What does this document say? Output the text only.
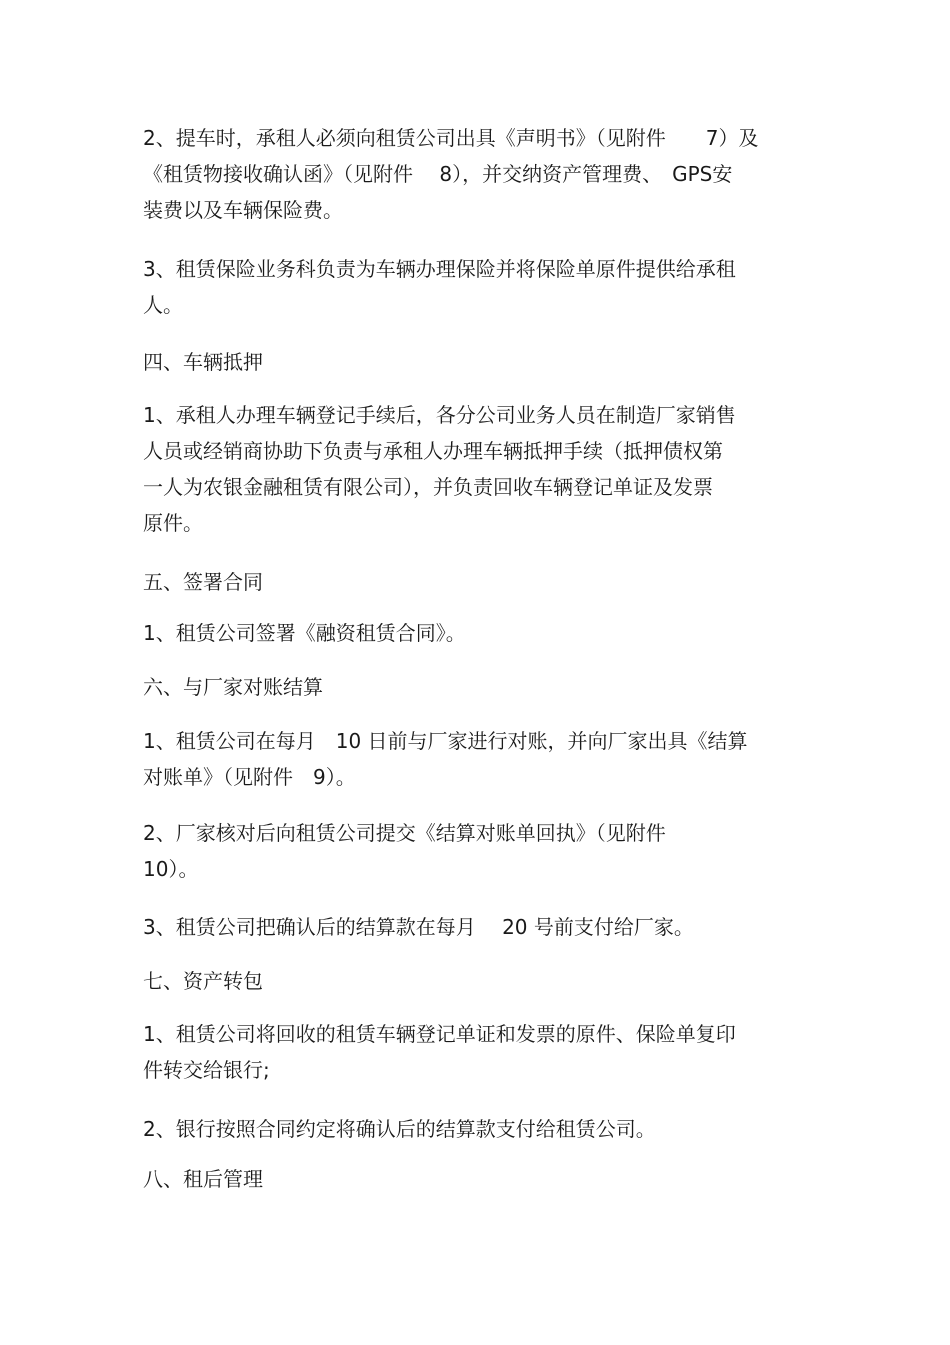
2、提车时，承租人必须向租赁公司出具《声明书》（见附件　　7）及
《租赁物接收确认函》（见附件　 8），并交纳资产管理费、　GPS安
装费以及车辆保险费。

3、租赁保险业务科负责为车辆办理保险并将保险单原件提供给承租
人。

四、车辆抵押

1、承租人办理车辆登记手续后，各分公司业务人员在制造厂家销售
人员或经销商协助下负责与承租人办理车辆抵押手续（抵押债权第
一人为农银金融租赁有限公司），并负责回收车辆登记单证及发票
原件。

五、签署合同

1、租赁公司签署《融资租赁合同》。

六、与厂家对账结算

1、租赁公司在每月　10 日前与厂家进行对账，并向厂家出具《结算
对账单》（见附件　9）。

2、厂家核对后向租赁公司提交《结算对账单回执》（见附件
10）。

3、租赁公司把确认后的结算款在每月　 20 号前支付给厂家。

七、资产转包

1、租赁公司将回收的租赁车辆登记单证和发票的原件、保险单复印
件转交给银行;

2、银行按照合同约定将确认后的结算款支付给租赁公司。

八、租后管理
